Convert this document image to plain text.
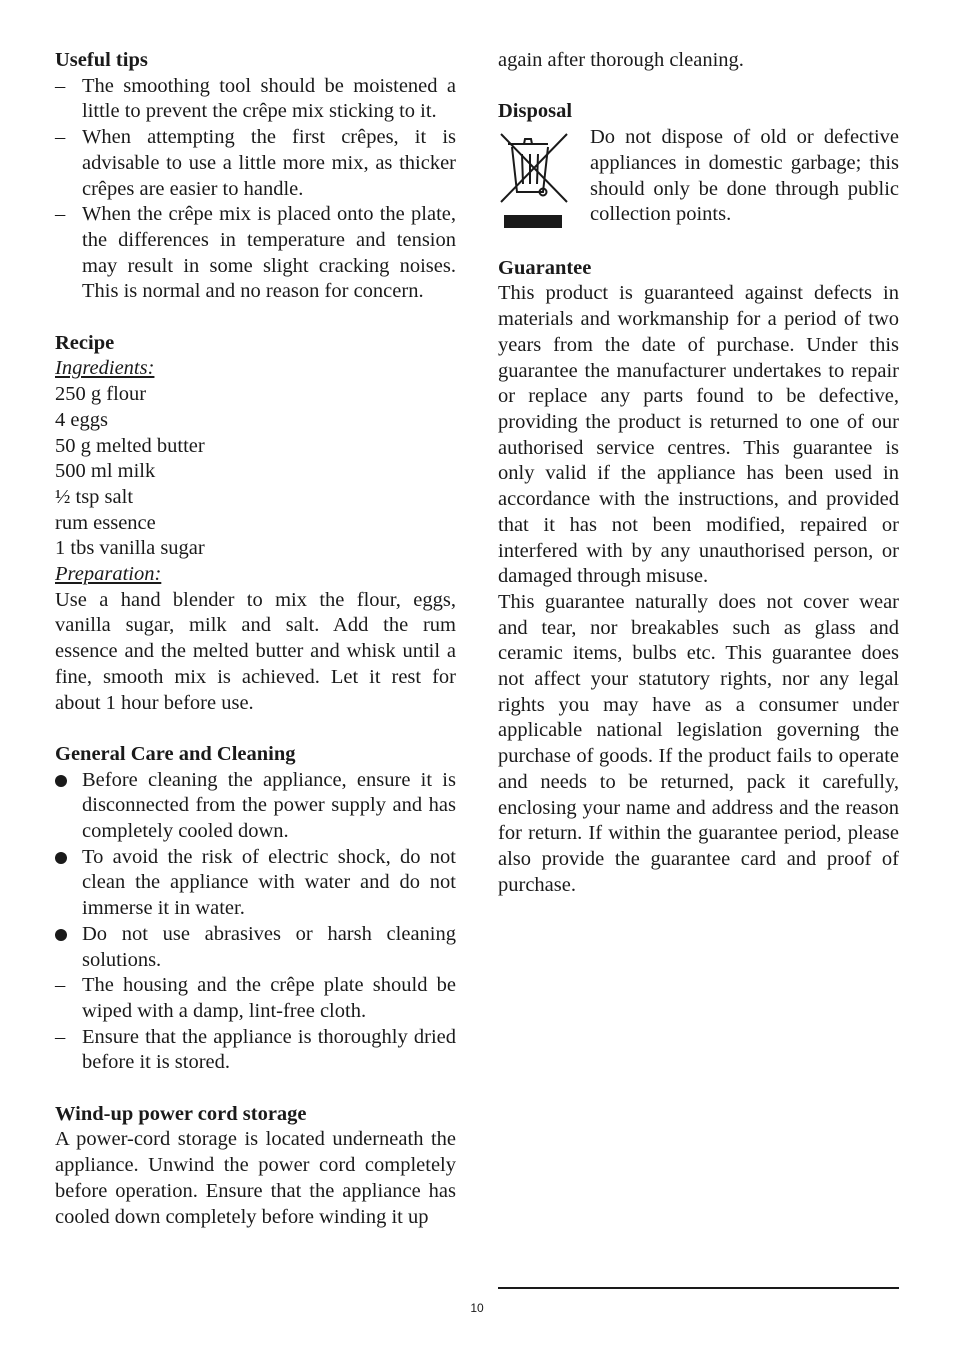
Useful tips

– The smoothing tool should be moistened a little to prevent the crêpe mix sticking to it.
– When attempting the first crêpes, it is advisable to use a little more mix, as thicker crêpes are easier to handle.
– When the crêpe mix is placed onto the plate, the differences in temperature and tension may result in some slight cracking noises. This is normal and no reason for concern.

Recipe

Ingredients:

250 g flour

4 eggs

50 g melted butter

500 ml milk

½ tsp salt

rum essence

1 tbs vanilla sugar

Preparation:

Use a hand blender to mix the flour, eggs, vanilla sugar, milk and salt. Add the rum essence and the melted butter and whisk until a fine, smooth mix is achieved. Let it rest for about 1 hour before use.

General Care and Cleaning

Before cleaning the appliance, ensure it is disconnected from the power supply and has completely cooled down.
To avoid the risk of electric shock, do not clean the appliance with water and do not immerse it in water.
Do not use abrasives or harsh cleaning solutions.
– The housing and the crêpe plate should be wiped with a damp, lint-free cloth.
– Ensure that the appliance is thoroughly dried before it is stored.

Wind-up power cord storage

A power-cord storage is located underneath the appliance. Unwind the power cord completely before operation. Ensure that the appliance has cooled down completely before winding it up

again after thorough cleaning.

Disposal

Do not dispose of old or defective appliances in domestic garbage; this should only be done through public collection points.

Guarantee

This product is guaranteed against defects in materials and workmanship for a period of two years from the date of purchase. Under this guarantee the manufacturer undertakes to repair or replace any parts found to be defective, providing the product is returned to one of our authorised service centres. This guarantee is only valid if the appliance has been used in accordance with the instructions, and provided that it has not been modified, repaired or interfered with by any unauthorised person, or damaged through misuse.

This guarantee naturally does not cover wear and tear, nor breakables such as glass and ceramic items, bulbs etc. This guarantee does not affect your statutory rights, nor any legal rights you may have as a consumer under applicable national legislation governing the purchase of goods. If the product fails to operate and needs to be returned, pack it carefully, enclosing your name and address and the reason for return. If within the guarantee period, please also provide the guarantee card and proof of purchase.

10
